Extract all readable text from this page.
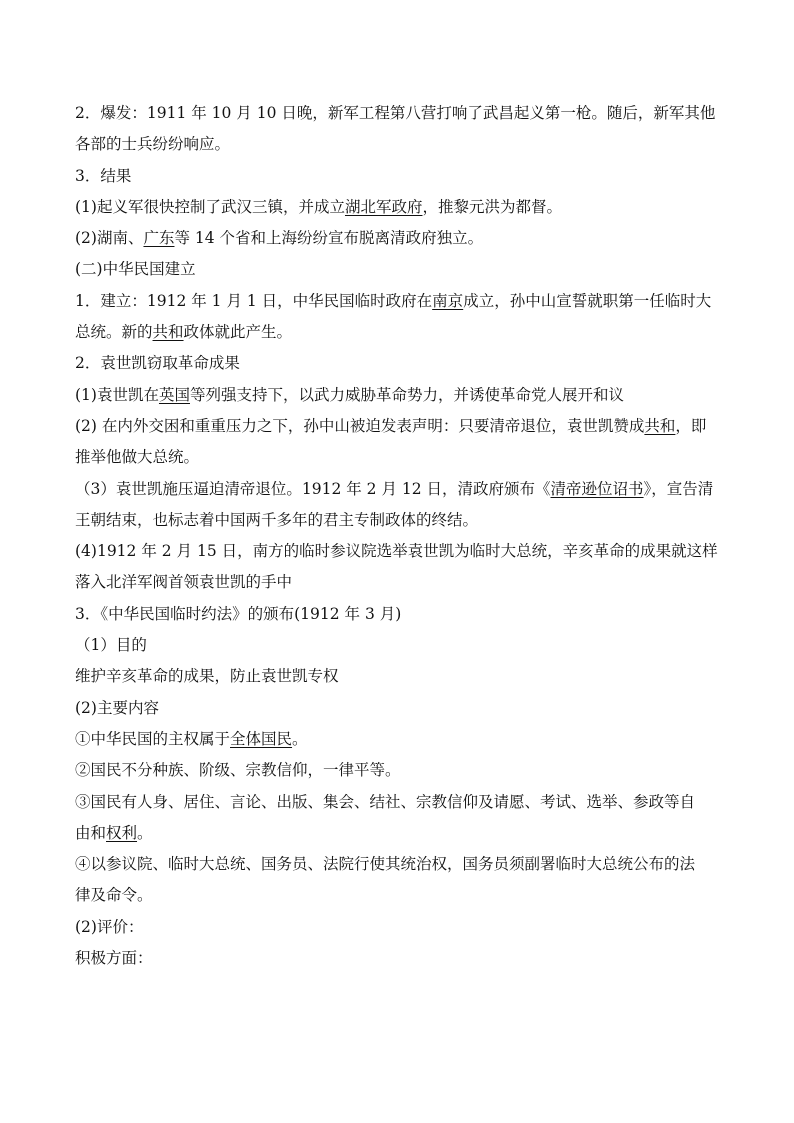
2．爆发：1911 年 10 月 10 日晚，新军工程第八营打响了武昌起义第一枪。随后，新军其他
各部的士兵纷纷响应。
3．结果
(1)起义军很快控制了武汉三镇，并成立湖北军政府，推黎元洪为都督。
(2)湖南、广东等 14 个省和上海纷纷宣布脱离清政府独立。
(二)中华民国建立
1．建立：1912 年 1 月 1 日，中华民国临时政府在南京成立，孙中山宣誓就职第一任临时大
总统。新的共和政体就此产生。
2．袁世凯窃取革命成果
(1)袁世凯在英国等列强支持下，以武力威胁革命势力，并诱使革命党人展开和议
(2) 在内外交困和重重压力之下，孙中山被迫发表声明：只要清帝退位，袁世凯赞成共和，即
推举他做大总统。
（3）袁世凯施压逼迫清帝退位。1912 年 2 月 12 日，清政府颁布《清帝逊位诏书》，宣告清
王朝结束，也标志着中国两千多年的君主专制政体的终结。
(4)1912 年 2 月 15 日，南方的临时参议院选举袁世凯为临时大总统，辛亥革命的成果就这样
落入北洋军阀首领袁世凯的手中
3．《中华民国临时约法》的颁布(1912 年 3 月)
（1）目的
维护辛亥革命的成果，防止袁世凯专权
(2)主要内容
①中华民国的主权属于全体国民。
②国民不分种族、阶级、宗教信仰，一律平等。
③国民有人身、居住、言论、出版、集会、结社、宗教信仰及请愿、考试、选举、参政等自
由和权利。
④以参议院、临时大总统、国务员、法院行使其统治权，国务员须副署临时大总统公布的法
律及命令。
(2)评价：
积极方面：
